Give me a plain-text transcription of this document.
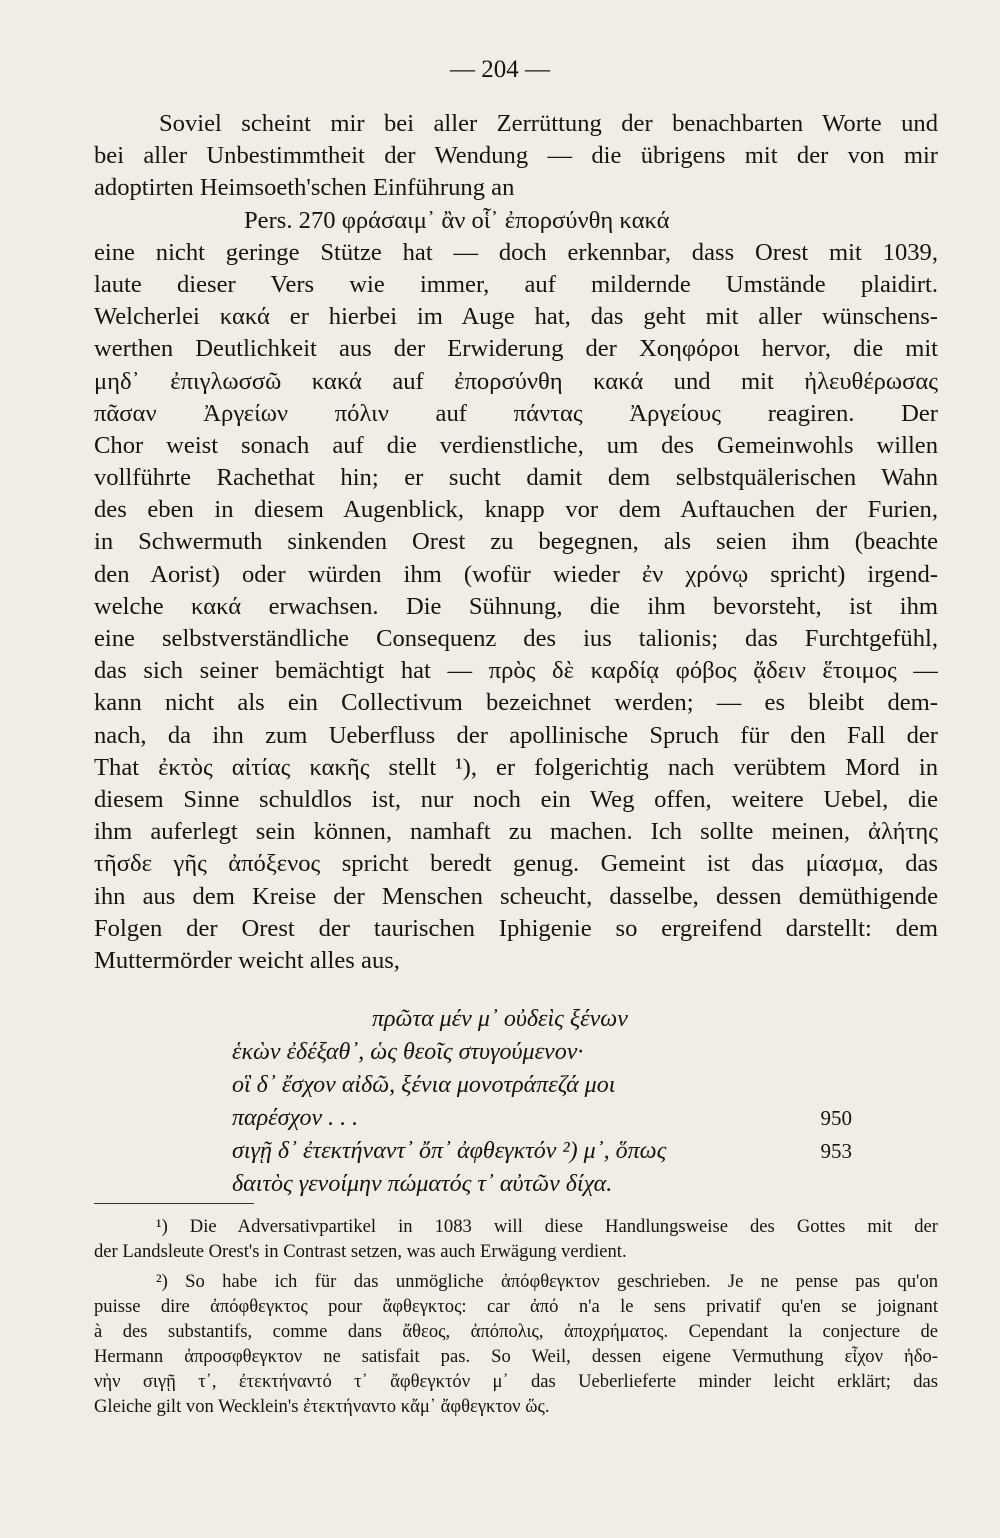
— 204 —
Soviel scheint mir bei aller Zerrüttung der benachbarten Worte und
bei aller Unbestimmtheit der Wendung — die übrigens mit der von mir
adoptirten Heimsoeth'schen Einführung an
Pers. 270 φράσαιμ᾽ ἂν οἷ᾽ ἐπορσύνθη κακά
eine nicht geringe Stütze hat — doch erkennbar, dass Orest mit 1039,
laute dieser Vers wie immer, auf mildernde Umstände plaidirt.
Welcherlei κακά er hierbei im Auge hat, das geht mit aller wünschens-
werthen Deutlichkeit aus der Erwiderung der Χοηφόροι hervor, die mit
μηδ᾽ ἐπιγλωσσῶ κακά auf ἐπορσύνθη κακά und mit ἠλευθέρωσας
πᾶσαν Ἀργείων πόλιν auf πάντας Ἀργείους reagiren. Der
Chor weist sonach auf die verdienstliche, um des Gemeinwohls willen
vollführte Rachethat hin; er sucht damit dem selbstquälerischen Wahn
des eben in diesem Augenblick, knapp vor dem Auftauchen der Furien,
in Schwermuth sinkenden Orest zu begegnen, als seien ihm (beachte
den Aorist) oder würden ihm (wofür wieder ἐν χρόνῳ spricht) irgend-
welche κακά erwachsen. Die Sühnung, die ihm bevorsteht, ist ihm
eine selbstverständliche Consequenz des ius talionis; das Furchtgefühl,
das sich seiner bemächtigt hat — πρὸς δὲ καρδίᾳ φόβος ᾄδειν ἕτοιμος —
kann nicht als ein Collectivum bezeichnet werden; — es bleibt dem-
nach, da ihn zum Ueberfluss der apollinische Spruch für den Fall der
That ἐκτὸς αἰτίας κακῆς stellt ¹), er folgerichtig nach verübtem Mord in
diesem Sinne schuldlos ist, nur noch ein Weg offen, weitere Uebel, die
ihm auferlegt sein können, namhaft zu machen. Ich sollte meinen, ἀλήτης
τῆσδε γῆς ἀπόξενος spricht beredt genug. Gemeint ist das μίασμα, das
ihn aus dem Kreise der Menschen scheucht, dasselbe, dessen demüthigende
Folgen der Orest der taurischen Iphigenie so ergreifend darstellt: dem
Muttermörder weicht alles aus,
πρῶτα μέν μ᾽ οὐδεὶς ξένων
ἑκὼν ἐδέξαθ᾽, ὡς θεοῖς στυγούμενον·
οἳ δ᾽ ἔσχον αἰδῶ, ξένια μονοτράπεζά μοι
παρέσχον . . .	950
σιγῇ δ᾽ ἐτεκτήναντ᾽ ὄπ᾽ ἀφθεγκτόν ²) μ᾽, ὅπως	953
δαιτὸς γενοίμην πώματός τ᾽ αὐτῶν δίχα.
¹) Die Adversativpartikel in 1083 will diese Handlungsweise des Gottes mit der
der Landsleute Orest's in Contrast setzen, was auch Erwägung verdient.
²) So habe ich für das unmögliche ἀπόφθεγκτον geschrieben. Je ne pense pas qu'on
puisse dire ἀπόφθεγκτος pour ἄφθεγκτος: car ἀπό n'a le sens privatif qu'en se joignant
à des substantifs, comme dans ἄθεος, ἀπόπολις, ἀποχρήματος. Cependant la conjecture de
Hermann ἀπροσφθεγκτον ne satisfait pas. So Weil, dessen eigene Vermuthung εἶχον ἡδο-
νὴν σιγῇ τ᾽, ἐτεκτήναντό τ᾽ ἄφθεγκτόν μ᾽ das Ueberlieferte minder leicht erklärt; das
Gleiche gilt von Wecklein's ἐτεκτήναντο κἄμ᾽ ἄφθεγκτον ὥς.
